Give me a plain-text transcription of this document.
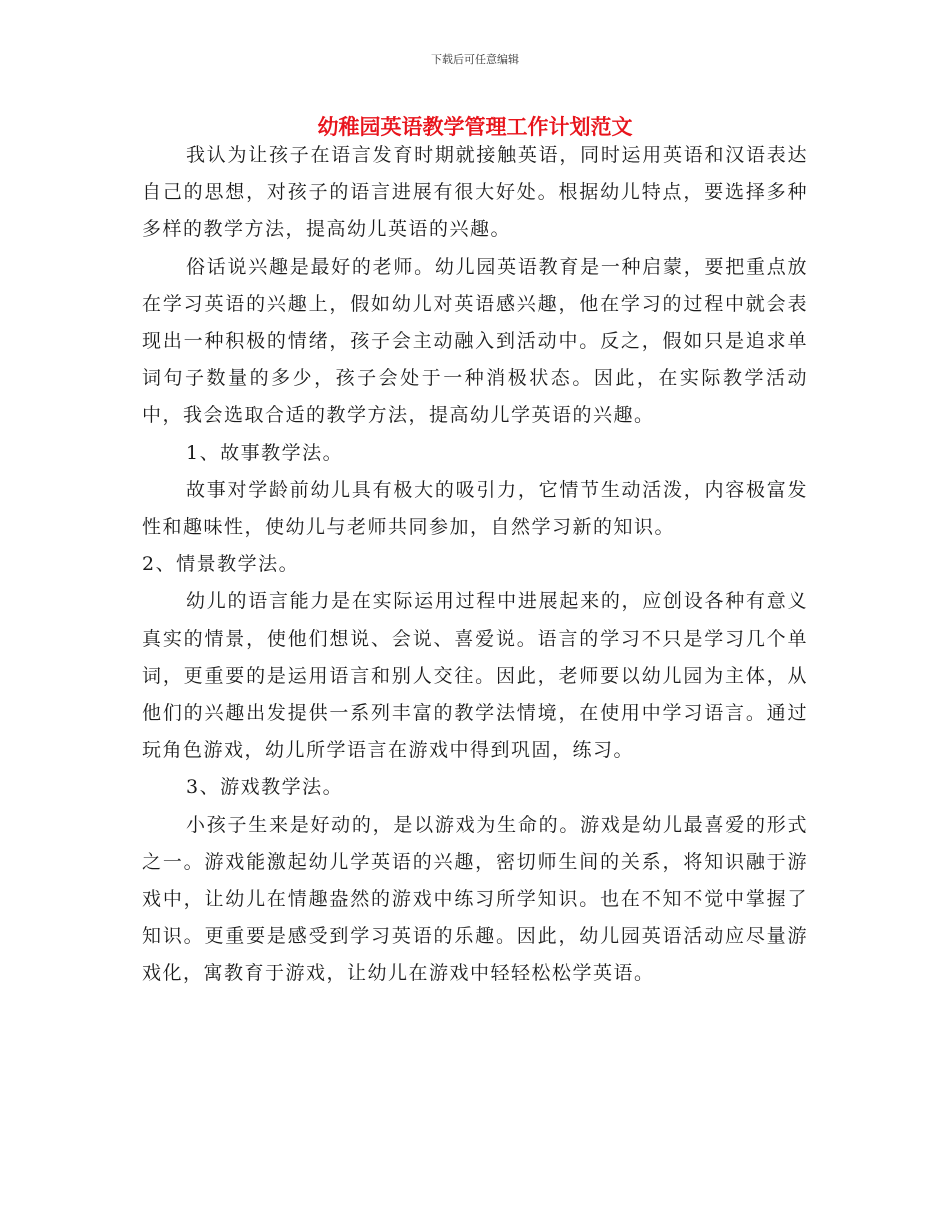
下载后可任意编辑
幼稚园英语教学管理工作计划范文

我认为让孩子在语言发育时期就接触英语，同时运用英语和汉语表达自己的思想，对孩子的语言进展有很大好处。根据幼儿特点，要选择多种多样的教学方法，提高幼儿英语的兴趣。

俗话说兴趣是最好的老师。幼儿园英语教育是一种启蒙，要把重点放在学习英语的兴趣上，假如幼儿对英语感兴趣，他在学习的过程中就会表现出一种积极的情绪，孩子会主动融入到活动中。反之，假如只是追求单词句子数量的多少，孩子会处于一种消极状态。因此，在实际教学活动中，我会选取合适的教学方法，提高幼儿学英语的兴趣。

1、故事教学法。

故事对学龄前幼儿具有极大的吸引力，它情节生动活泼，内容极富发性和趣味性，使幼儿与老师共同参加，自然学习新的知识。

2、情景教学法。

幼儿的语言能力是在实际运用过程中进展起来的，应创设各种有意义真实的情景，使他们想说、会说、喜爱说。语言的学习不只是学习几个单词，更重要的是运用语言和别人交往。因此，老师要以幼儿园为主体，从他们的兴趣出发提供一系列丰富的教学法情境，在使用中学习语言。通过玩角色游戏，幼儿所学语言在游戏中得到巩固，练习。

3、游戏教学法。

小孩子生来是好动的，是以游戏为生命的。游戏是幼儿最喜爱的形式之一。游戏能激起幼儿学英语的兴趣，密切师生间的关系，将知识融于游戏中，让幼儿在情趣盎然的游戏中练习所学知识。也在不知不觉中掌握了知识。更重要是感受到学习英语的乐趣。因此，幼儿园英语活动应尽量游戏化，寓教育于游戏，让幼儿在游戏中轻轻松松学英语。
